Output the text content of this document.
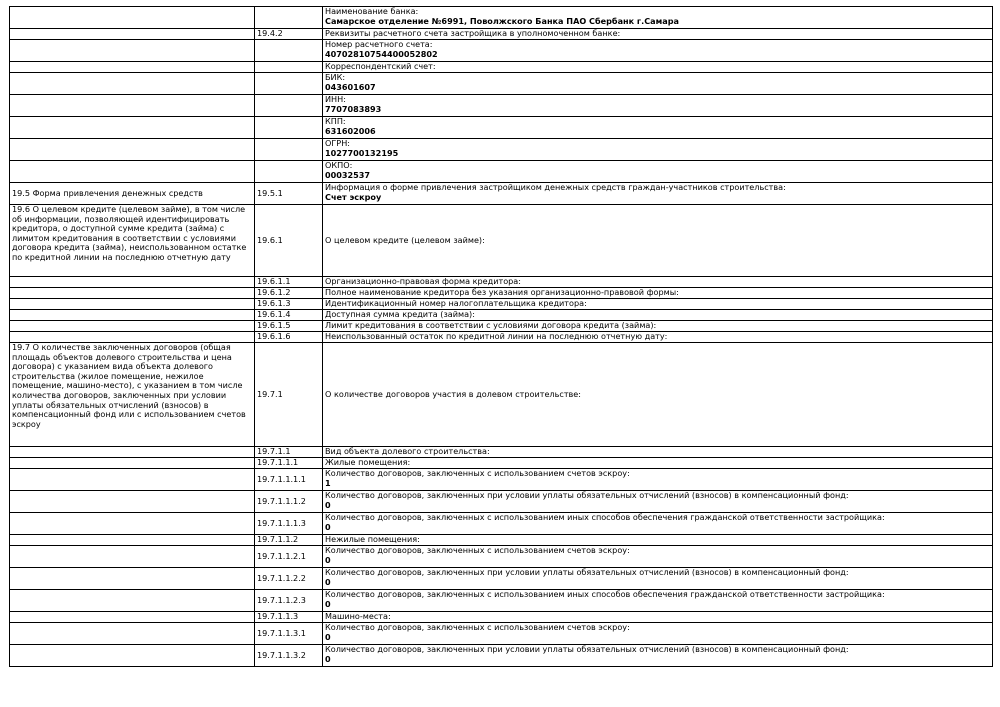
		Наименование банка:
Самарское отделение №6991, Поволжского Банка ПАО Сбербанк г.Самара

	19.4.2	Реквизиты расчетного счета застройщика в уполномоченном банке:

		Номер расчетного счета:
40702810754400052802

		Корреспондентский счет:

		БИК:
043601607

		ИНН:
7707083893

		КПП:
631602006

		ОГРН:
1027700132195

		ОКПО:
00032537

19.5 Форма привлечения денежных средств	19.5.1	Информация о форме привлечения застройщиком денежных средств граждан-участников строительства:
Счет эскроу

19.6 О целевом кредите (целевом займе), в том числе об информации, позволяющей идентифицировать кредитора, о доступной сумме кредита (займа) с лимитом кредитования в соответствии с условиями договора кредита (займа), неиспользованном остатке по кредитной линии на последнюю отчетную дату	19.6.1	О целевом кредите (целевом займе):

	19.6.1.1	Организационно-правовая форма кредитора:

	19.6.1.2	Полное наименование кредитора без указания организационно-правовой формы:

	19.6.1.3	Идентификационный номер налогоплательщика кредитора:

	19.6.1.4	Доступная сумма кредита (займа):

	19.6.1.5	Лимит кредитования в соответствии с условиями договора кредита (займа):

	19.6.1.6	Неиспользованный остаток по кредитной линии на последнюю отчетную дату:

19.7 О количестве заключенных договоров (общая площадь объектов долевого строительства и цена договора) с указанием вида объекта долевого строительства (жилое помещение, нежилое помещение, машино-место), с указанием в том числе количества договоров, заключенных при условии уплаты обязательных отчислений (взносов) в компенсационный фонд или с использованием счетов эскроу	19.7.1	О количестве договоров участия в долевом строительстве:

	19.7.1.1	Вид объекта долевого строительства:

	19.7.1.1.1	Жилые помещения:

	19.7.1.1.1.1	Количество договоров, заключенных с использованием счетов эскроу:
1

	19.7.1.1.1.2	Количество договоров, заключенных при условии уплаты обязательных отчислений (взносов) в компенсационный фонд:
0

	19.7.1.1.1.3	Количество договоров, заключенных с использованием иных способов обеспечения гражданской ответственности застройщика:
0

	19.7.1.1.2	Нежилые помещения:

	19.7.1.1.2.1	Количество договоров, заключенных с использованием счетов эскроу:
0

	19.7.1.1.2.2	Количество договоров, заключенных при условии уплаты обязательных отчислений (взносов) в компенсационный фонд:
0

	19.7.1.1.2.3	Количество договоров, заключенных с использованием иных способов обеспечения гражданской ответственности застройщика:
0

	19.7.1.1.3	Машино-места:

	19.7.1.1.3.1	Количество договоров, заключенных с использованием счетов эскроу:
0

	19.7.1.1.3.2	Количество договоров, заключенных при условии уплаты обязательных отчислений (взносов) в компенсационный фонд:
0
